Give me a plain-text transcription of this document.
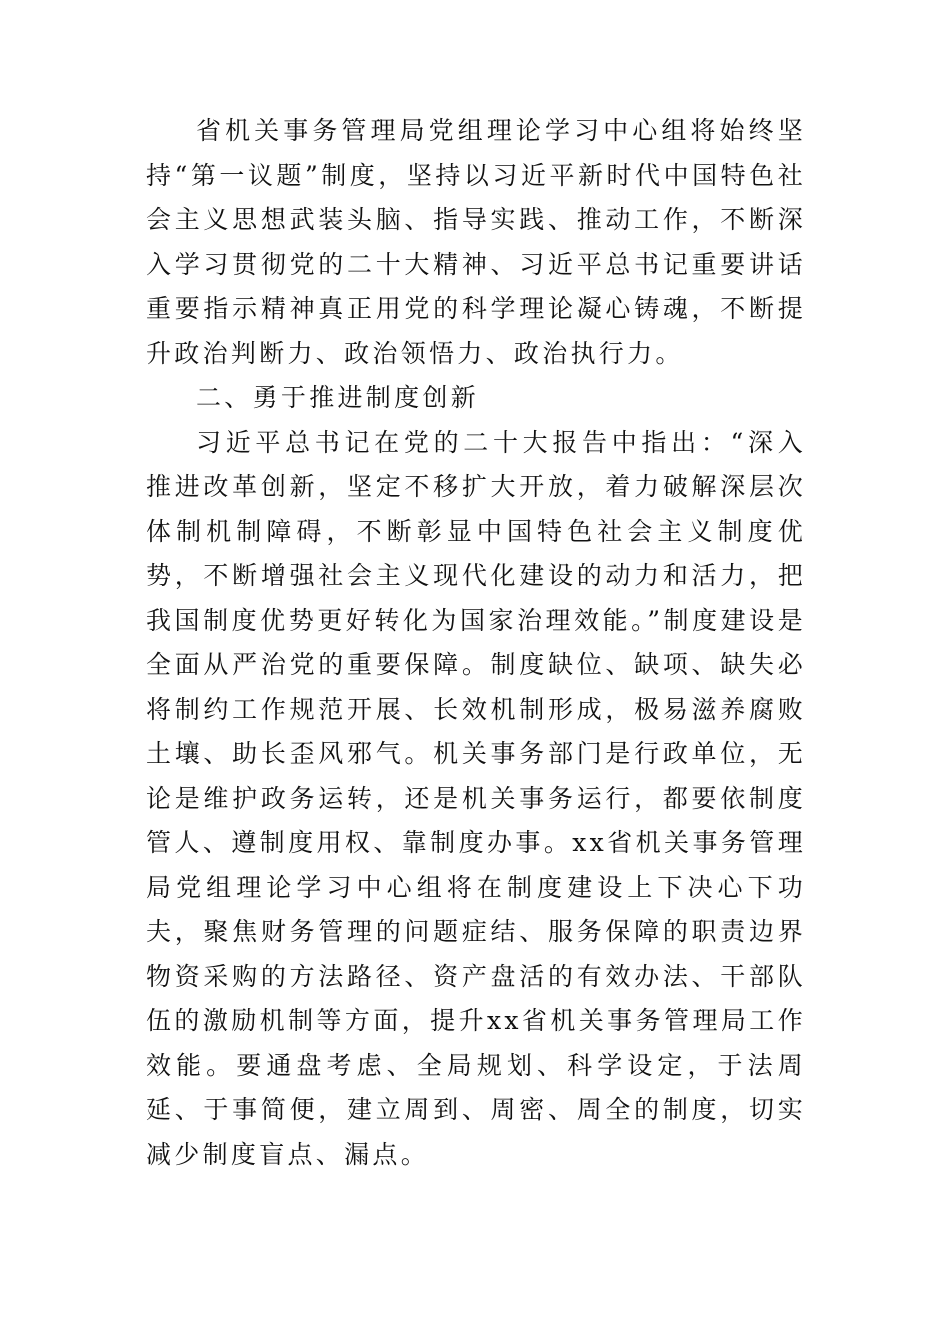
省机关事务管理局党组理论学习中心组将始终坚持“第一议题”制度，坚持以习近平新时代中国特色社会主义思想武装头脑、指导实践、推动工作，不断深入学习贯彻党的二十大精神、习近平总书记重要讲话重要指示精神真正用党的科学理论凝心铸魂，不断提升政治判断力、政治领悟力、政治执行力。

二、勇于推进制度创新

习近平总书记在党的二十大报告中指出：“深入推进改革创新，坚定不移扩大开放，着力破解深层次体制机制障碍，不断彰显中国特色社会主义制度优势，不断增强社会主义现代化建设的动力和活力，把我国制度优势更好转化为国家治理效能。”制度建设是全面从严治党的重要保障。制度缺位、缺项、缺失必将制约工作规范开展、长效机制形成，极易滋养腐败土壤、助长歪风邪气。机关事务部门是行政单位，无论是维护政务运转，还是机关事务运行，都要依制度管人、遵制度用权、靠制度办事。xx省机关事务管理局党组理论学习中心组将在制度建设上下决心下功夫，聚焦财务管理的问题症结、服务保障的职责边界物资采购的方法路径、资产盘活的有效办法、干部队伍的激励机制等方面，提升xx省机关事务管理局工作效能。要通盘考虑、全局规划、科学设定，于法周延、于事简便，建立周到、周密、周全的制度，切实减少制度盲点、漏点。
